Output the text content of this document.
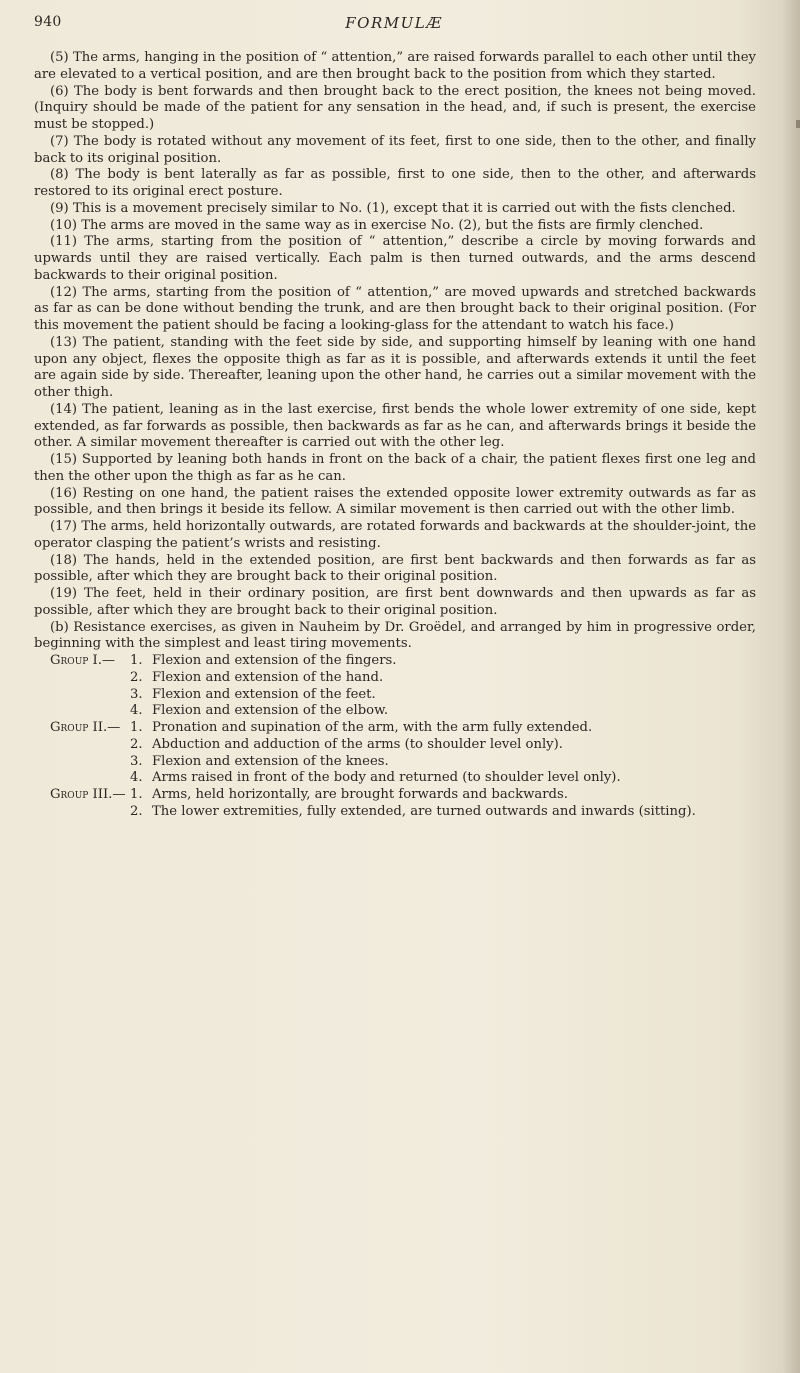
940	FORMULÆ

(5) The arms, hanging in the position of “ attention,” are raised forwards parallel to each other until they are elevated to a vertical position, and are then brought back to the position from which they started.

(6) The body is bent forwards and then brought back to the erect position, the knees not being moved. (Inquiry should be made of the patient for any sensation in the head, and, if such is present, the exercise must be stopped.)

(7) The body is rotated without any movement of its feet, first to one side, then to the other, and finally back to its original position.

(8) The body is bent laterally as far as possible, first to one side, then to the other, and afterwards restored to its original erect posture.

(9) This is a movement precisely similar to No. (1), except that it is carried out with the fists clenched.

(10) The arms are moved in the same way as in exercise No. (2), but the fists are firmly clenched.

(11) The arms, starting from the position of “ attention,” describe a circle by moving forwards and upwards until they are raised vertically. Each palm is then turned outwards, and the arms descend backwards to their original position.

(12) The arms, starting from the position of “ attention,” are moved upwards and stretched backwards as far as can be done without bending the trunk, and are then brought back to their original position. (For this movement the patient should be facing a looking-glass for the attendant to watch his face.)

(13) The patient, standing with the feet side by side, and supporting himself by leaning with one hand upon any object, flexes the opposite thigh as far as it is possible, and afterwards extends it until the feet are again side by side. Thereafter, leaning upon the other hand, he carries out a similar movement with the other thigh.

(14) The patient, leaning as in the last exercise, first bends the whole lower extremity of one side, kept extended, as far forwards as possible, then backwards as far as he can, and afterwards brings it beside the other. A similar movement thereafter is carried out with the other leg.

(15) Supported by leaning both hands in front on the back of a chair, the patient flexes first one leg and then the other upon the thigh as far as he can.

(16) Resting on one hand, the patient raises the extended opposite lower extremity outwards as far as possible, and then brings it beside its fellow. A similar movement is then carried out with the other limb.

(17) The arms, held horizontally outwards, are rotated forwards and backwards at the shoulder-joint, the operator clasping the patient’s wrists and resisting.

(18) The hands, held in the extended position, are first bent backwards and then forwards as far as possible, after which they are brought back to their original position.

(19) The feet, held in their ordinary position, are first bent downwards and then upwards as far as possible, after which they are brought back to their original position.

(b) Resistance exercises, as given in Nauheim by Dr. Groëdel, and arranged by him in progressive order, beginning with the simplest and least tiring movements.

Group I.—	1. Flexion and extension of the fingers.
2. Flexion and extension of the hand.
3. Flexion and extension of the feet.
4. Flexion and extension of the elbow.
Group II.— 1. Pronation and supination of the arm, with the arm fully extended.
2. Abduction and adduction of the arms (to shoulder level only).
3. Flexion and extension of the knees.
4. Arms raised in front of the body and returned (to shoulder level only).
Group III.— 1. Arms, held horizontally, are brought forwards and backwards.
2. The lower extremities, fully extended, are turned outwards and inwards (sitting).
